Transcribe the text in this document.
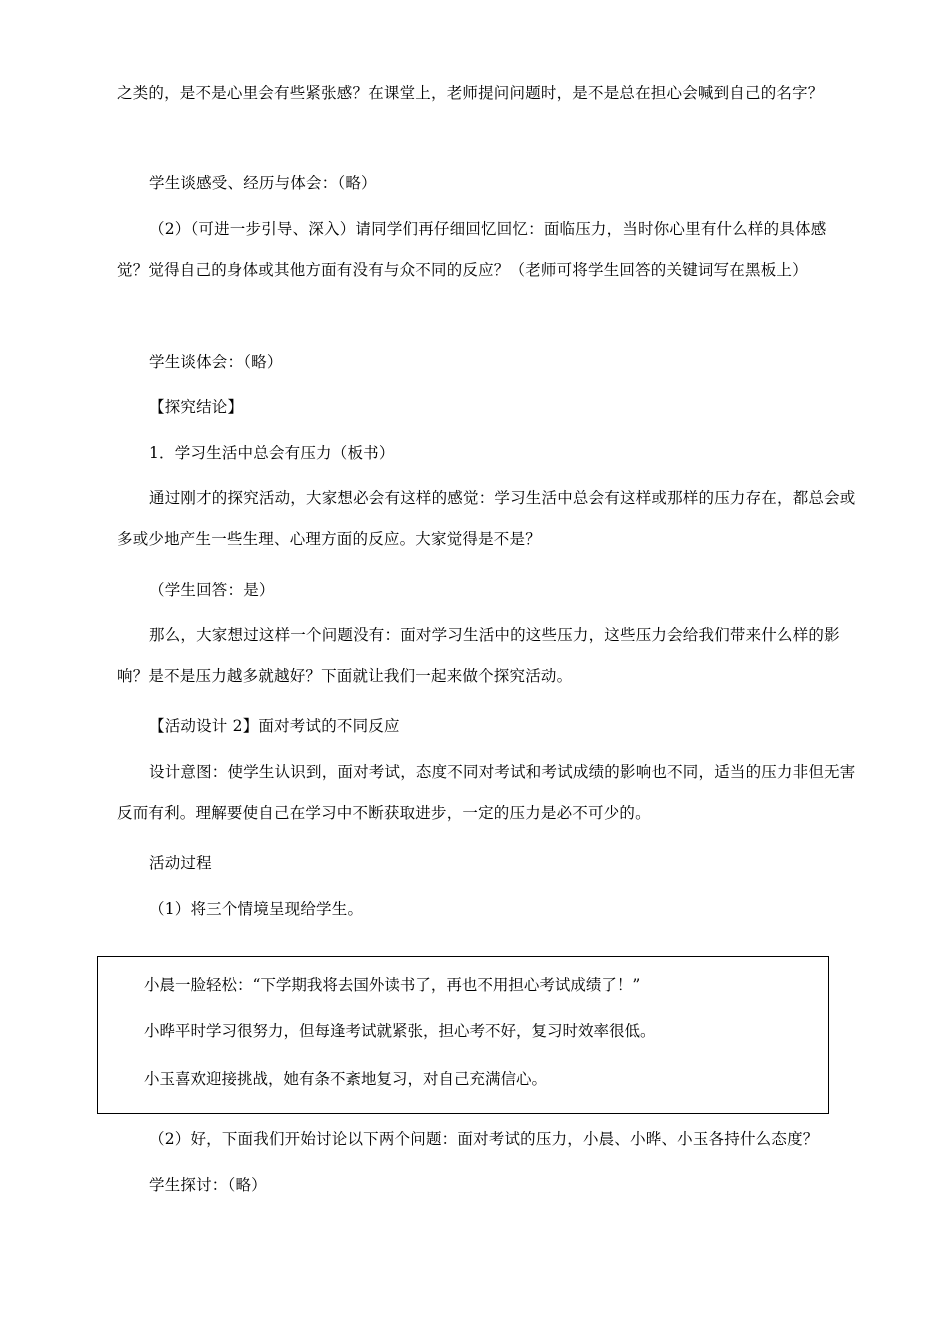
之类的，是不是心里会有些紧张感？在课堂上，老师提问问题时，是不是总在担心会喊到自己的名字？

学生谈感受、经历与体会：（略）

（2）（可进一步引导、深入）请同学们再仔细回忆回忆：面临压力，当时你心里有什么样的具体感觉？觉得自己的身体或其他方面有没有与众不同的反应？（老师可将学生回答的关键词写在黑板上）

学生谈体会：（略）

【探究结论】

1．学习生活中总会有压力（板书）

通过刚才的探究活动，大家想必会有这样的感觉：学习生活中总会有这样或那样的压力存在，都总会或多或少地产生一些生理、心理方面的反应。大家觉得是不是？

（学生回答：是）

那么，大家想过这样一个问题没有：面对学习生活中的这些压力，这些压力会给我们带来什么样的影响？是不是压力越多就越好？下面就让我们一起来做个探究活动。

【活动设计 2】面对考试的不同反应

设计意图：使学生认识到，面对考试，态度不同对考试和考试成绩的影响也不同，适当的压力非但无害反而有利。理解要使自己在学习中不断获取进步，一定的压力是必不可少的。

活动过程

（1）将三个情境呈现给学生。

小晨一脸轻松：“下学期我将去国外读书了，再也不用担心考试成绩了！”

小晔平时学习很努力，但每逢考试就紧张，担心考不好，复习时效率很低。

小玉喜欢迎接挑战，她有条不紊地复习，对自己充满信心。

（2）好，下面我们开始讨论以下两个问题：面对考试的压力，小晨、小晔、小玉各持什么态度？

学生探讨：（略）
